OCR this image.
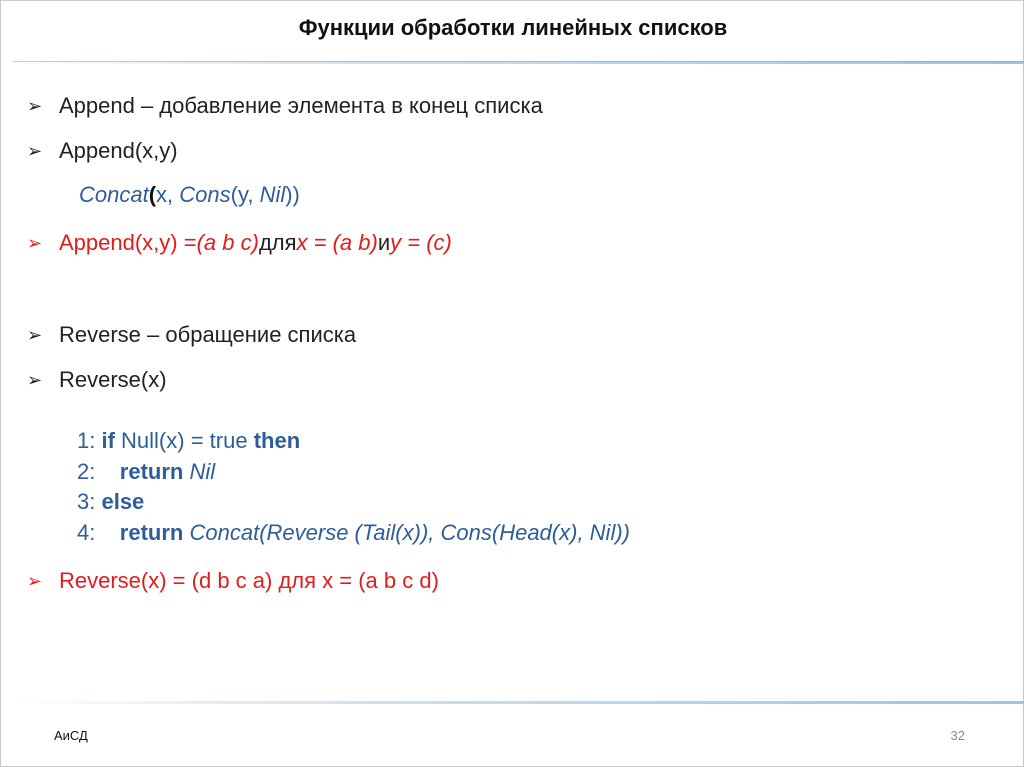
Функции обработки линейных списков
➢ Append – добавление элемента в конец списка
➢ Append(x,y)
Concat(x, Cons(y, Nil))
➢ Append(x,y) = (a b c) для x = (a b) и y = (c)
➢ Reverse – обращение списка
➢ Reverse(x)
1: if Null(x) = true then
2:    return Nil
3: else
4:    return Concat(Reverse (Tail(x)), Cons(Head(x), Nil))
➢ Reverse(x) = (d b c a) для x = (a b c d)
АиСД	32
